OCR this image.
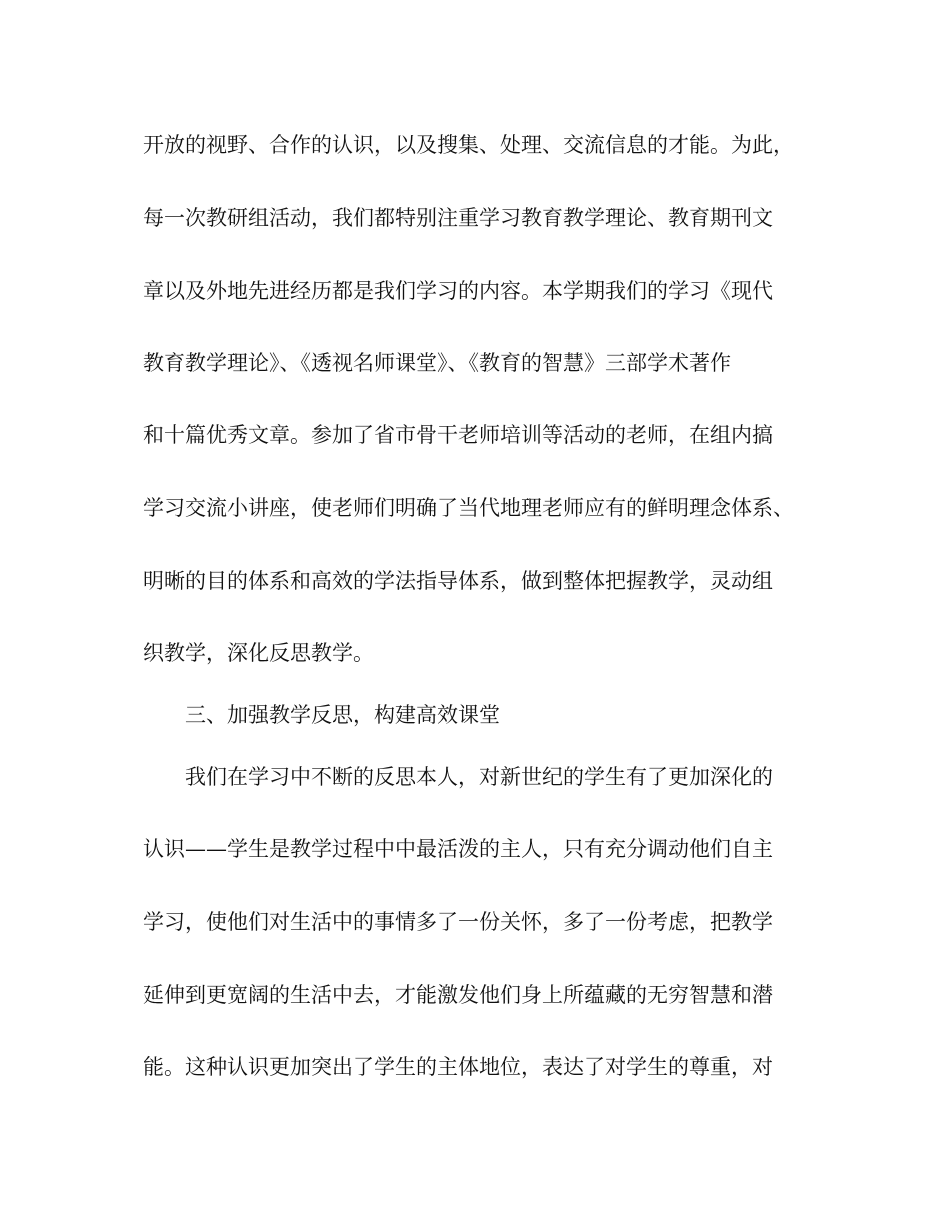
开放的视野、合作的认识，以及搜集、处理、交流信息的才能。为此，
每一次教研组活动，我们都特别注重学习教育教学理论、教育期刊文
章以及外地先进经历都是我们学习的内容。本学期我们的学习《现代
教育教学理论》、《透视名师课堂》、《教育的智慧》三部学术著作
和十篇优秀文章。参加了省市骨干老师培训等活动的老师，在组内搞
学习交流小讲座，使老师们明确了当代地理老师应有的鲜明理念体系、
明晰的目的体系和高效的学法指导体系，做到整体把握教学，灵动组
织教学，深化反思教学。
三、加强教学反思，构建高效课堂
我们在学习中不断的反思本人，对新世纪的学生有了更加深化的
认识——学生是教学过程中中最活泼的主人，只有充分调动他们自主
学习，使他们对生活中的事情多了一份关怀，多了一份考虑，把教学
延伸到更宽阔的生活中去，才能激发他们身上所蕴藏的无穷智慧和潜
能。这种认识更加突出了学生的主体地位，表达了对学生的尊重，对
